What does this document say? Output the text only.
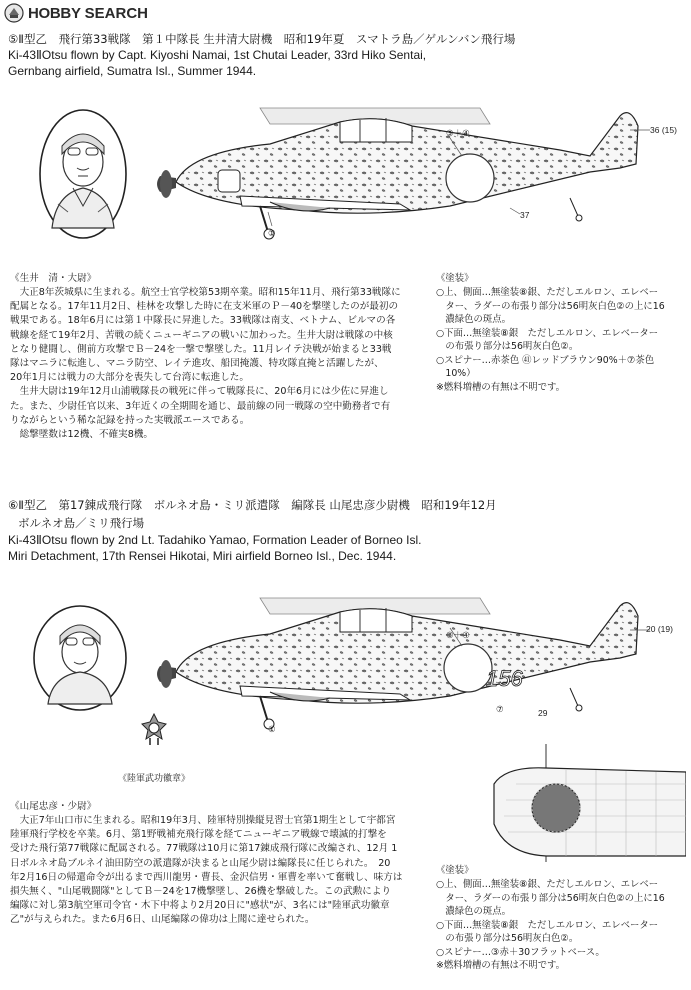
HOBBY SEARCH
⑤Ⅱ型乙　飛行第33戦隊　第１中隊長 生井清大尉機　昭和19年夏　スマトラ島／ゲルンバン飛行場
Ki-43ⅡOtsu flown by Capt. Kiyoshi Namai, 1st Chutai Leader, 33rd Hiko Sentai,
Gernbang airfield, Sumatra Isl., Summer 1944.
③＋④	36 (15)
①
37
《生井　清・大尉》
　大正8年茨城県に生まれる。航空士官学校第53期卒業。昭和15年11月、飛行第33戦隊に
配属となる。17年11月2日、桂林を攻撃した時に在支米軍のＰ－40を撃墜したのが最初の
戦果である。18年6月には第１中隊長に昇進した。33戦隊は南支、ベトナム、ビルマの各
戦線を経て19年2月、苦戦の続くニューギニアの戦いに加わった。生井大尉は戦隊の中核
となり健闘し、側前方攻撃でＢ－24を一撃で撃墜した。11月レイテ決戦が始まると33戦
隊はマニラに転進し、マニラ防空、レイテ進攻、船団掩護、特攻隊直掩と活躍したが、
20年1月には戦力の大部分を喪失して台湾に転進した。
　生井大尉は19年12月山浦戦隊長の戦死に伴って戦隊長に、20年6月には少佐に昇進し
た。また、少尉任官以来、3年近くの全期間を通じ、最前線の同一戦隊の空中勤務者で有
りながらという稀な記録を持った実戦派エースである。
　総撃墜数は12機、不確実8機。
《塗装》
○上、側面…無塗装⑧銀、ただしエルロン、エレベー
　ター、ラダーの布張り部分は56明灰白色②の上に16
　濃緑色の斑点。
○下面…無塗装⑧銀　ただしエルロン、エレベーター
　の布張り部分は56明灰白色②。
○スピナー…赤茶色 ㊶レッドブラウン90%＋⑦茶色
　10%）
※燃料増槽の有無は不明です。
⑥Ⅱ型乙　第17錬成飛行隊　ボルネオ島・ミリ派遣隊　編隊長 山尾忠彦少尉機　昭和19年12月
ボルネオ島／ミリ飛行場
Ki-43ⅡOtsu flown by 2nd Lt. Tadahiko Yamao, Formation Leader of Borneo Isl.
Miri Detachment, 17th Rensei Hikotai, Miri airfield Borneo Isl., Dec. 1944.
《陸軍武功徽章》
156
③＋④
20 (19)
①
⑦	29
《山尾忠彦・少尉》
　大正7年山口市に生まれる。昭和19年3月、陸軍特別操縦見習士官第1期生として宇都宮
陸軍飛行学校を卒業。6月、第1野戦補充飛行隊を経てニューギニア戦線で壊滅的打撃を
受けた飛行第77戦隊に配属される。77戦隊は10月に第17錬成飛行隊に改編され、12月 1
日ボルネオ島ブルネイ油田防空の派遣隊が決まると山尾少尉は編隊長に任じられた。　20
年2月16日の帰還命令が出るまで西川龍男・曹長、金沢信男・軍曹を率いて奮戦し、味方は
損失無く、"山尾戦闘隊"としてＢ－24を17機撃墜し、26機を撃破した。この武勲により
編隊に対し第3航空軍司令官・木下中将より2月20日に"感状"が、3名には"陸軍武功徽章
乙"が与えられた。また6月6日、山尾編隊の偉功は上聞に達せられた。
《塗装》
○上、側面…無塗装⑧銀、ただしエルロン、エレベー
　ター、ラダーの布張り部分は56明灰白色②の上に16
　濃緑色の斑点。
○下面…無塗装⑧銀　ただしエルロン、エレベーター
　の布張り部分は56明灰白色②。
○スピナー…③赤＋30フラットベース。
※燃料増槽の有無は不明です。
